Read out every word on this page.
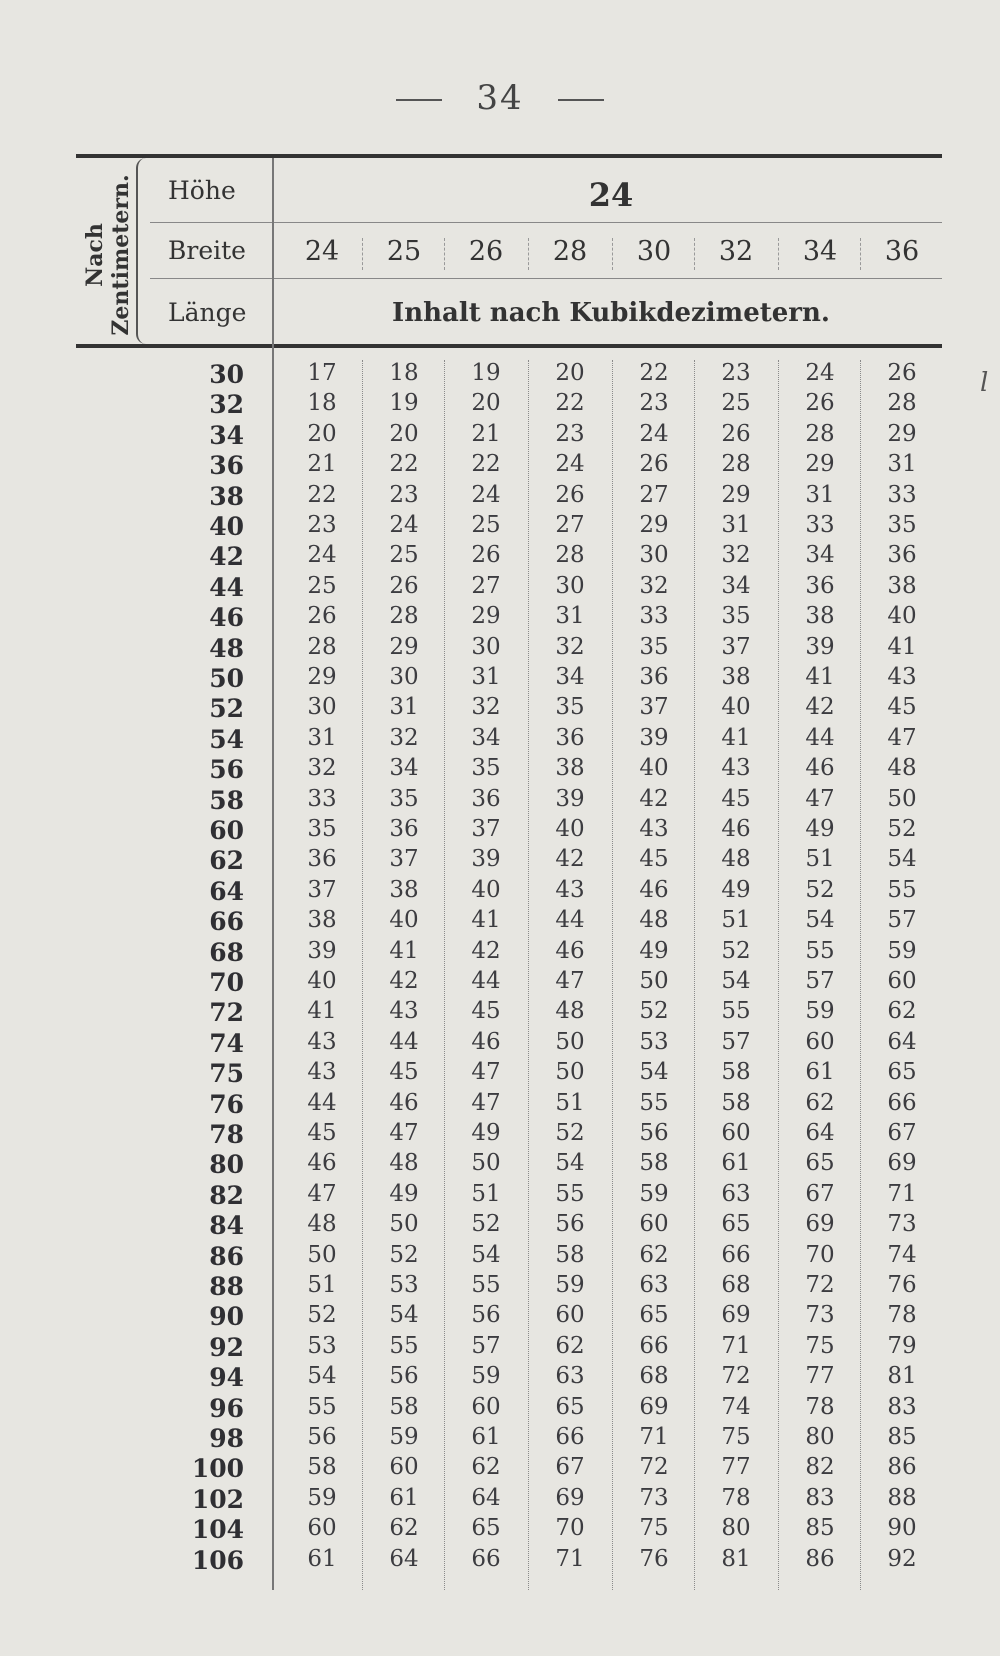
34
Nach Zentimetern. Höhe
Breite
Länge
24
24	25	26	28	30	32	34	36
Inhalt nach Kubikdezimetern.
30	17	18	19	20	22	23	24	26
32	18	19	20	22	23	25	26	28
34	20	20	21	23	24	26	28	29
36	21	22	22	24	26	28	29	31
38	22	23	24	26	27	29	31	33
40	23	24	25	27	29	31	33	35
42	24	25	26	28	30	32	34	36
44	25	26	27	30	32	34	36	38
46	26	28	29	31	33	35	38	40
48	28	29	30	32	35	37	39	41
50	29	30	31	34	36	38	41	43
52	30	31	32	35	37	40	42	45
54	31	32	34	36	39	41	44	47
56	32	34	35	38	40	43	46	48
58	33	35	36	39	42	45	47	50
60	35	36	37	40	43	46	49	52
62	36	37	39	42	45	48	51	54
64	37	38	40	43	46	49	52	55
66	38	40	41	44	48	51	54	57
68	39	41	42	46	49	52	55	59
70	40	42	44	47	50	54	57	60
72	41	43	45	48	52	55	59	62
74	43	44	46	50	53	57	60	64
75	43	45	47	50	54	58	61	65
76	44	46	47	51	55	58	62	66
78	45	47	49	52	56	60	64	67
80	46	48	50	54	58	61	65	69
82	47	49	51	55	59	63	67	71
84	48	50	52	56	60	65	69	73
86	50	52	54	58	62	66	70	74
88	51	53	55	59	63	68	72	76
90	52	54	56	60	65	69	73	78
92	53	55	57	62	66	71	75	79
94	54	56	59	63	68	72	77	81
96	55	58	60	65	69	74	78	83
98	56	59	61	66	71	75	80	85
100	58	60	62	67	72	77	82	86
102	59	61	64	69	73	78	83	88
104	60	62	65	70	75	80	85	90
106	61	64	66	71	76	81	86	92
l
